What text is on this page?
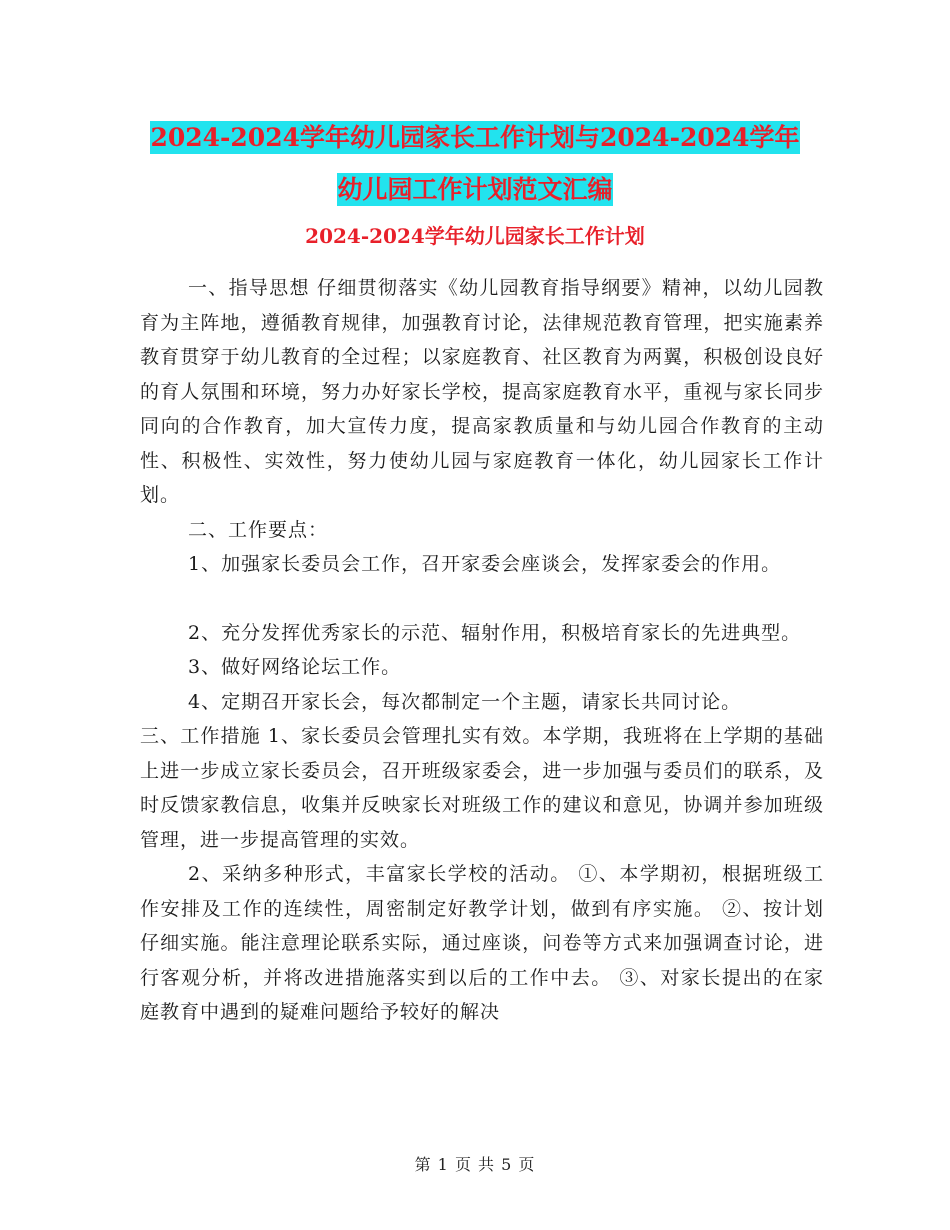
2024-2024学年幼儿园家长工作计划与2024-2024学年
幼儿园工作计划范文汇编
2024-2024学年幼儿园家长工作计划

一、指导思想 仔细贯彻落实《幼儿园教育指导纲要》精神，以幼儿园教育为主阵地，遵循教育规律，加强教育讨论，法律规范教育管理，把实施素养教育贯穿于幼儿教育的全过程；以家庭教育、社区教育为两翼，积极创设良好的育人氛围和环境，努力办好家长学校，提高家庭教育水平，重视与家长同步同向的合作教育，加大宣传力度，提高家教质量和与幼儿园合作教育的主动性、积极性、实效性，努力使幼儿园与家庭教育一体化，幼儿园家长工作计划。

二、工作要点：

1、加强家长委员会工作，召开家委会座谈会，发挥家委会的作用。

2、充分发挥优秀家长的示范、辐射作用，积极培育家长的先进典型。

3、做好网络论坛工作。

4、定期召开家长会，每次都制定一个主题，请家长共同讨论。

三、工作措施 1、家长委员会管理扎实有效。本学期，我班将在上学期的基础上进一步成立家长委员会，召开班级家委会，进一步加强与委员们的联系，及时反馈家教信息，收集并反映家长对班级工作的建议和意见，协调并参加班级管理，进一步提高管理的实效。

2、采纳多种形式，丰富家长学校的活动。 ①、本学期初，根据班级工作安排及工作的连续性，周密制定好教学计划，做到有序实施。 ②、按计划仔细实施。能注意理论联系实际，通过座谈，问卷等方式来加强调查讨论，进行客观分析，并将改进措施落实到以后的工作中去。 ③、对家长提出的在家庭教育中遇到的疑难问题给予较好的解决

第 1 页 共 5 页
